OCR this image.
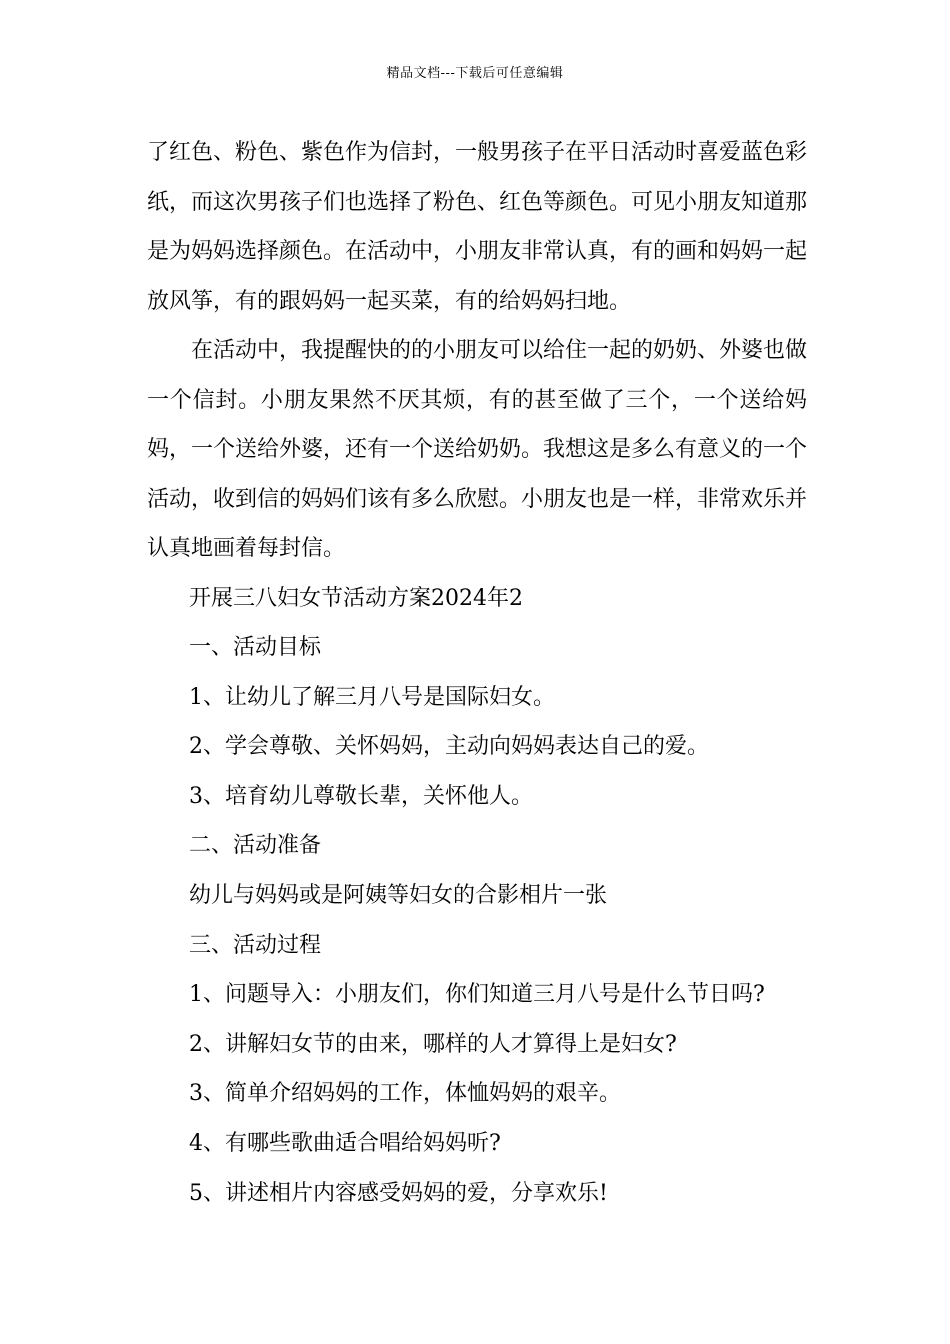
精品文档---下载后可任意编辑

了红色、粉色、紫色作为信封，一般男孩子在平日活动时喜爱蓝色彩纸，而这次男孩子们也选择了粉色、红色等颜色。可见小朋友知道那是为妈妈选择颜色。在活动中，小朋友非常认真，有的画和妈妈一起放风筝，有的跟妈妈一起买菜，有的给妈妈扫地。

在活动中，我提醒快的的小朋友可以给住一起的奶奶、外婆也做一个信封。小朋友果然不厌其烦，有的甚至做了三个，一个送给妈妈，一个送给外婆，还有一个送给奶奶。我想这是多么有意义的一个活动，收到信的妈妈们该有多么欣慰。小朋友也是一样，非常欢乐并认真地画着每封信。

开展三八妇女节活动方案2024年2

一、活动目标

1、让幼儿了解三月八号是国际妇女。

2、学会尊敬、关怀妈妈，主动向妈妈表达自己的爱。

3、培育幼儿尊敬长辈，关怀他人。

二、活动准备

幼儿与妈妈或是阿姨等妇女的合影相片一张

三、活动过程

1、问题导入：小朋友们，你们知道三月八号是什么节日吗?

2、讲解妇女节的由来，哪样的人才算得上是妇女?

3、简单介绍妈妈的工作，体恤妈妈的艰辛。

4、有哪些歌曲适合唱给妈妈听?

5、讲述相片内容感受妈妈的爱，分享欢乐!
